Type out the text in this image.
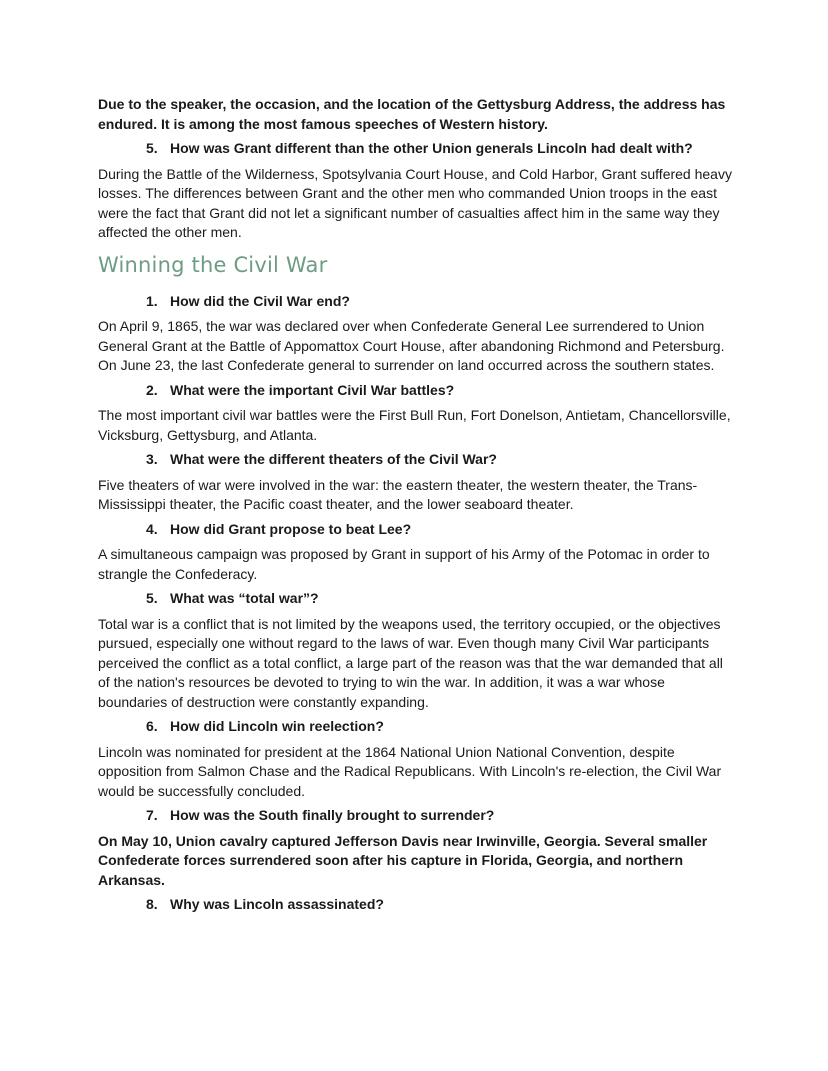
Due to the speaker, the occasion, and the location of the Gettysburg Address, the address has endured. It is among the most famous speeches of Western history.

5. How was Grant different than the other Union generals Lincoln had dealt with?

During the Battle of the Wilderness, Spotsylvania Court House, and Cold Harbor, Grant suffered heavy losses. The differences between Grant and the other men who commanded Union troops in the east were the fact that Grant did not let a significant number of casualties affect him in the same way they affected the other men.

Winning the Civil War

1. How did the Civil War end?

On April 9, 1865, the war was declared over when Confederate General Lee surrendered to Union General Grant at the Battle of Appomattox Court House, after abandoning Richmond and Petersburg. On June 23, the last Confederate general to surrender on land occurred across the southern states.

2. What were the important Civil War battles?

The most important civil war battles were the First Bull Run, Fort Donelson, Antietam, Chancellorsville, Vicksburg, Gettysburg, and Atlanta.

3. What were the different theaters of the Civil War?

Five theaters of war were involved in the war: the eastern theater, the western theater, the Trans-Mississippi theater, the Pacific coast theater, and the lower seaboard theater.

4. How did Grant propose to beat Lee?

A simultaneous campaign was proposed by Grant in support of his Army of the Potomac in order to strangle the Confederacy.

5. What was “total war”?

Total war is a conflict that is not limited by the weapons used, the territory occupied, or the objectives pursued, especially one without regard to the laws of war. Even though many Civil War participants perceived the conflict as a total conflict, a large part of the reason was that the war demanded that all of the nation's resources be devoted to trying to win the war. In addition, it was a war whose boundaries of destruction were constantly expanding.

6. How did Lincoln win reelection?

Lincoln was nominated for president at the 1864 National Union National Convention, despite opposition from Salmon Chase and the Radical Republicans. With Lincoln's re-election, the Civil War would be successfully concluded.

7. How was the South finally brought to surrender?

On May 10, Union cavalry captured Jefferson Davis near Irwinville, Georgia. Several smaller Confederate forces surrendered soon after his capture in Florida, Georgia, and northern Arkansas.

8. Why was Lincoln assassinated?
